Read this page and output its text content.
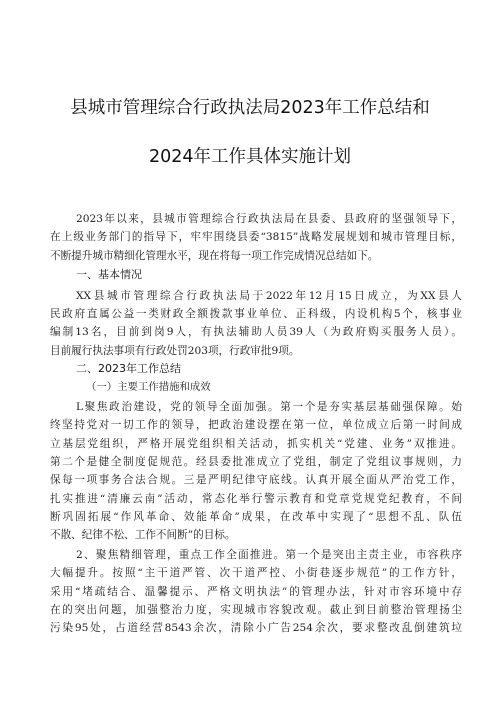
县城市管理综合行政执法局2023年工作总结和
2024年工作具体实施计划
2023年以来，县城市管理综合行政执法局在县委、县政府的坚强领导下，
在上级业务部门的指导下，牢牢围绕县委“3815”战略发展规划和城市管理目标，
不断提升城市精细化管理水平，现在将每一项工作完成情况总结如下。
一、基本情况
XX县城市管理综合行政执法局于2022年12月15日成立，为XX县人
民政府直属公益一类财政全额拨款事业单位、正科级，内设机构5个，核事业
编制13名，目前到岗9人，有执法辅助人员39人（为政府购买服务人员）。
目前履行执法事项有行政处罚203项，行政审批9项。
二、2023年工作总结
（一）主要工作措施和成效
L聚焦政治建设，党的领导全面加强。第一个是夯实基层基础强保障。始
终坚持党对一切工作的领导，把政治建设摆在第一位，单位成立后第一时间成
立基层党组织，严格开展党组织相关活动，抓实机关“党建、业务”双推进。
第二个是健全制度促规范。经县委批准成立了党组，制定了党组议事规则，力
保每一项事务合法合规。三是严明纪律守底线。认真开展全面从严治党工作，
扎实推进“清廉云南”活动，常态化举行警示教育和党章党规党纪教育，不间
断巩固拓展“作风革命、效能革命”成果，在改革中实现了“思想不乱、队伍
不散、纪律不松、工作不间断”的目标。
2、聚焦精细管理，重点工作全面推进。第一个是突出主责主业，市容秩序
大幅提升。按照“主干道严管、次干道严控、小街巷逐步规范”的工作方针，
采用“堵疏结合、温馨提示、严格文明执法”的管理办法，针对市容环境中存
在的突出问题，加强整治力度，实现城市容貌改观。截止到目前整治管理扬尘
污染95处，占道经营8543余次，清除小广告254余次，要求整改乱倒建筑垃
